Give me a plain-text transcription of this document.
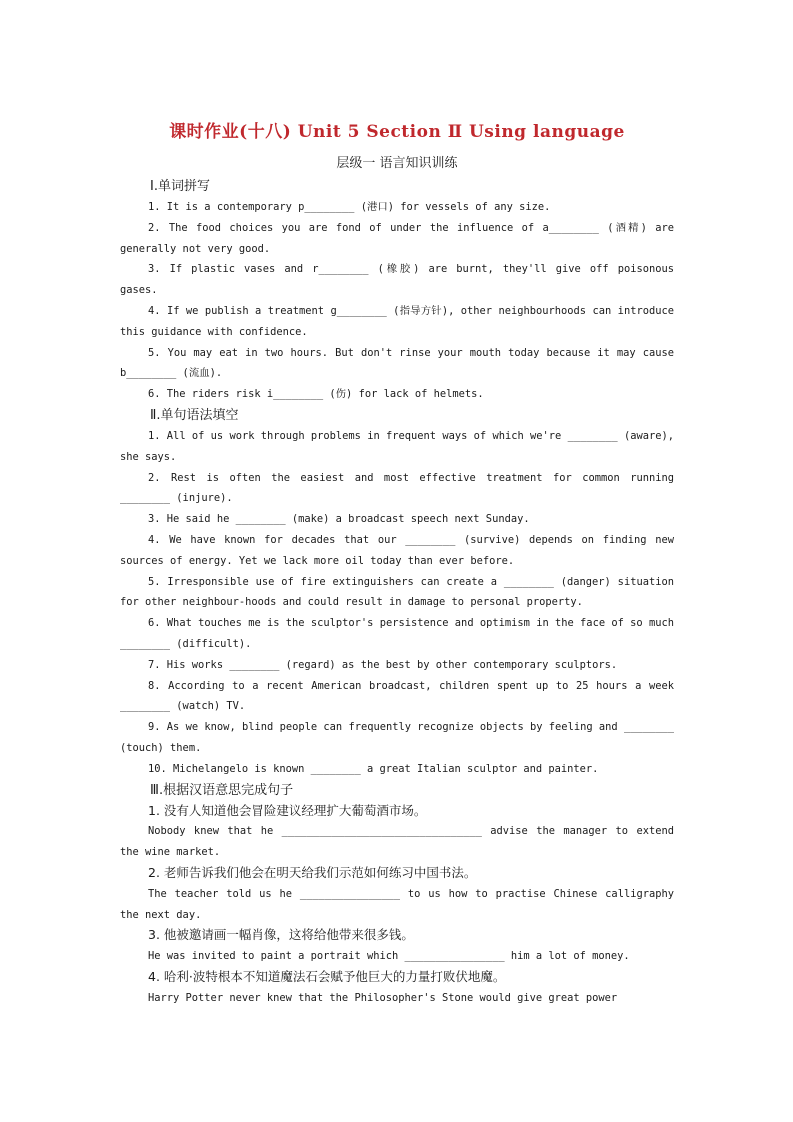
课时作业(十八) Unit 5 Section Ⅱ Using language

层级一 语言知识训练

Ⅰ.单词拼写

1. It is a contemporary p________ (港口) for vessels of any size.

2. The food choices you are fond of under the influence of a________ (酒精) are generally not very good.

3. If plastic vases and r________ (橡胶) are burnt, they'll give off poisonous gases.

4. If we publish a treatment g________ (指导方针), other neighbourhoods can introduce this guidance with confidence.

5. You may eat in two hours. But don't rinse your mouth today because it may cause b________ (流血).

6. The riders risk i________ (伤) for lack of helmets.

Ⅱ.单句语法填空

1. All of us work through problems in frequent ways of which we're ________ (aware), she says.

2. Rest is often the easiest and most effective treatment for common running ________ (injure).

3. He said he ________ (make) a broadcast speech next Sunday.

4. We have known for decades that our ________ (survive) depends on finding new sources of energy. Yet we lack more oil today than ever before.

5. Irresponsible use of fire extinguishers can create a ________ (danger) situation for other neighbour-hoods and could result in damage to personal property.

6. What touches me is the sculptor's persistence and optimism in the face of so much ________ (difficult).

7. His works ________ (regard) as the best by other contemporary sculptors.

8. According to a recent American broadcast, children spent up to 25 hours a week ________ (watch) TV.

9. As we know, blind people can frequently recognize objects by feeling and ________ (touch) them.

10. Michelangelo is known ________ a great Italian sculptor and painter.

Ⅲ.根据汉语意思完成句子

1. 没有人知道他会冒险建议经理扩大葡萄酒市场。

Nobody knew that he ________________________________ advise the manager to extend the wine market.

2. 老师告诉我们他会在明天给我们示范如何练习中国书法。

The teacher told us he ________________ to us how to practise Chinese calligraphy the next day.

3. 他被邀请画一幅肖像，这将给他带来很多钱。

He was invited to paint a portrait which ________________ him a lot of money.

4. 哈利·波特根本不知道魔法石会赋予他巨大的力量打败伏地魔。

Harry Potter never knew that the Philosopher's Stone would give great power
